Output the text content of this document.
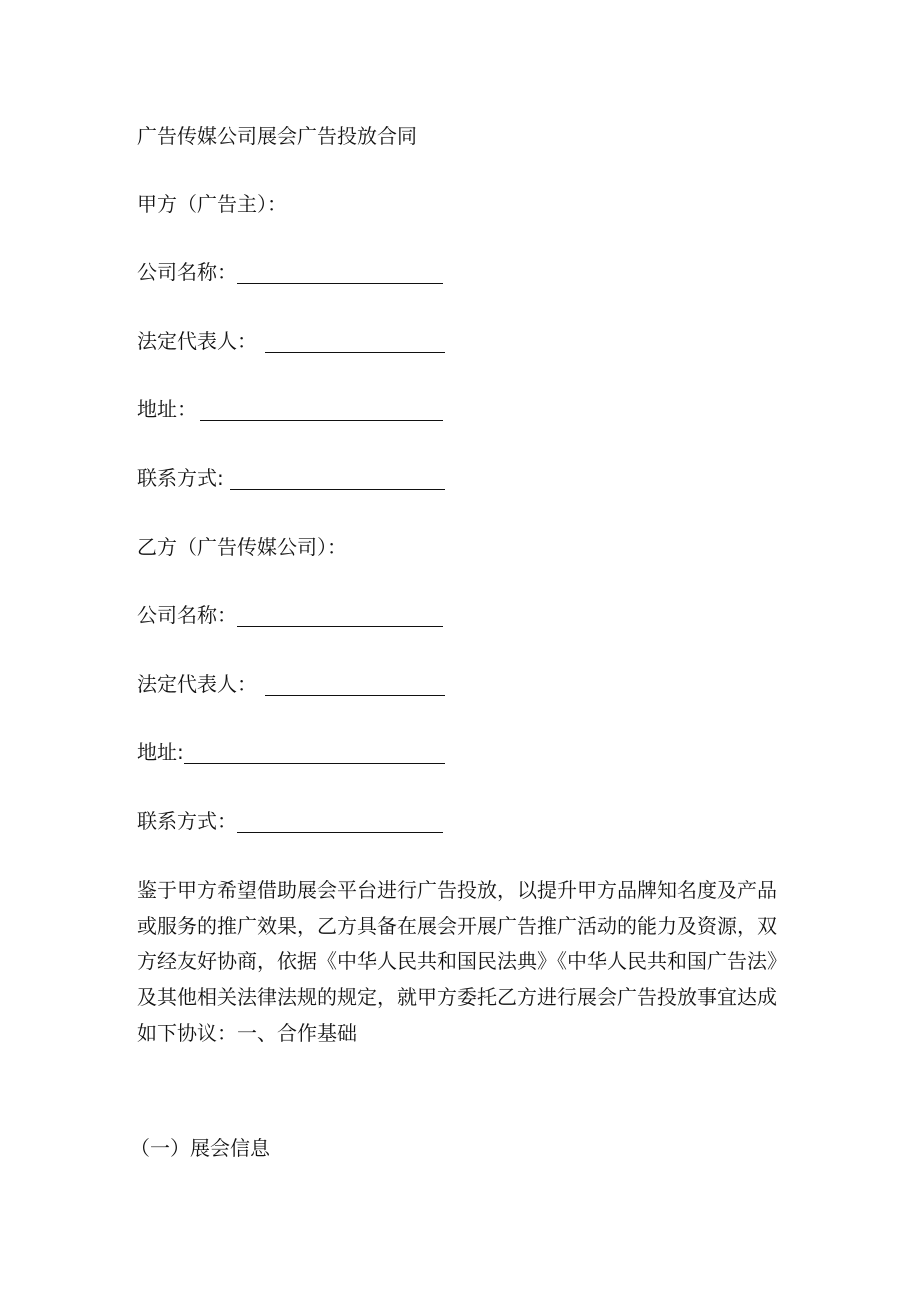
广告传媒公司展会广告投放合同
甲方（广告主）：
公司名称：
法定代表人：
地址：
联系方式:
乙方（广告传媒公司）：
公司名称：
法定代表人：
地址:
联系方式：
鉴于甲方希望借助展会平台进行广告投放，以提升甲方品牌知名度及产品
或服务的推广效果，乙方具备在展会开展广告推广活动的能力及资源，双
方经友好协商，依据《中华人民共和国民法典》《中华人民共和国广告法》
及其他相关法律法规的规定，就甲方委托乙方进行展会广告投放事宜达成
如下协议：一、合作基础
（一）展会信息
